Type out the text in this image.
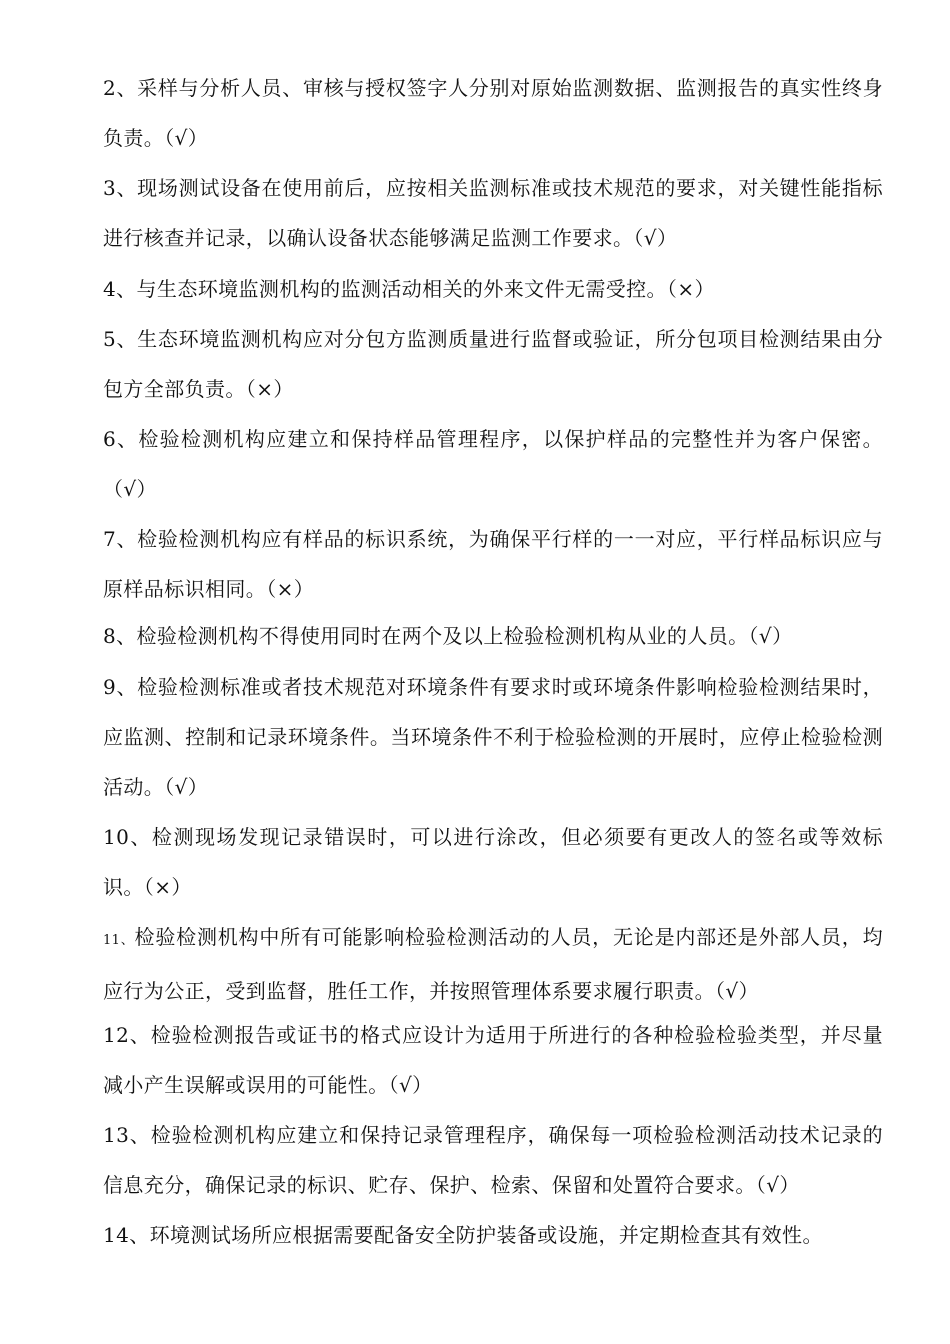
2、采样与分析人员、审核与授权签字人分别对原始监测数据、监测报告的真实性终身负责。（√）

3、现场测试设备在使用前后，应按相关监测标准或技术规范的要求，对关键性能指标进行核查并记录，以确认设备状态能够满足监测工作要求。（√）

4、与生态环境监测机构的监测活动相关的外来文件无需受控。（×）

5、生态环境监测机构应对分包方监测质量进行监督或验证，所分包项目检测结果由分包方全部负责。（×）

6、检验检测机构应建立和保持样品管理程序，以保护样品的完整性并为客户保密。（√）

7、检验检测机构应有样品的标识系统，为确保平行样的一一对应，平行样品标识应与原样品标识相同。（×）

8、检验检测机构不得使用同时在两个及以上检验检测机构从业的人员。（√）

9、检验检测标准或者技术规范对环境条件有要求时或环境条件影响检验检测结果时，应监测、控制和记录环境条件。当环境条件不利于检验检测的开展时，应停止检验检测活动。（√）

10、检测现场发现记录错误时，可以进行涂改，但必须要有更改人的签名或等效标识。（×）

11、检验检测机构中所有可能影响检验检测活动的人员，无论是内部还是外部人员，均应行为公正，受到监督，胜任工作，并按照管理体系要求履行职责。（√）

12、检验检测报告或证书的格式应设计为适用于所进行的各种检验检验类型，并尽量减小产生误解或误用的可能性。（√）

13、检验检测机构应建立和保持记录管理程序，确保每一项检验检测活动技术记录的信息充分，确保记录的标识、贮存、保护、检索、保留和处置符合要求。（√）

14、环境测试场所应根据需要配备安全防护装备或设施，并定期检查其有效性。
